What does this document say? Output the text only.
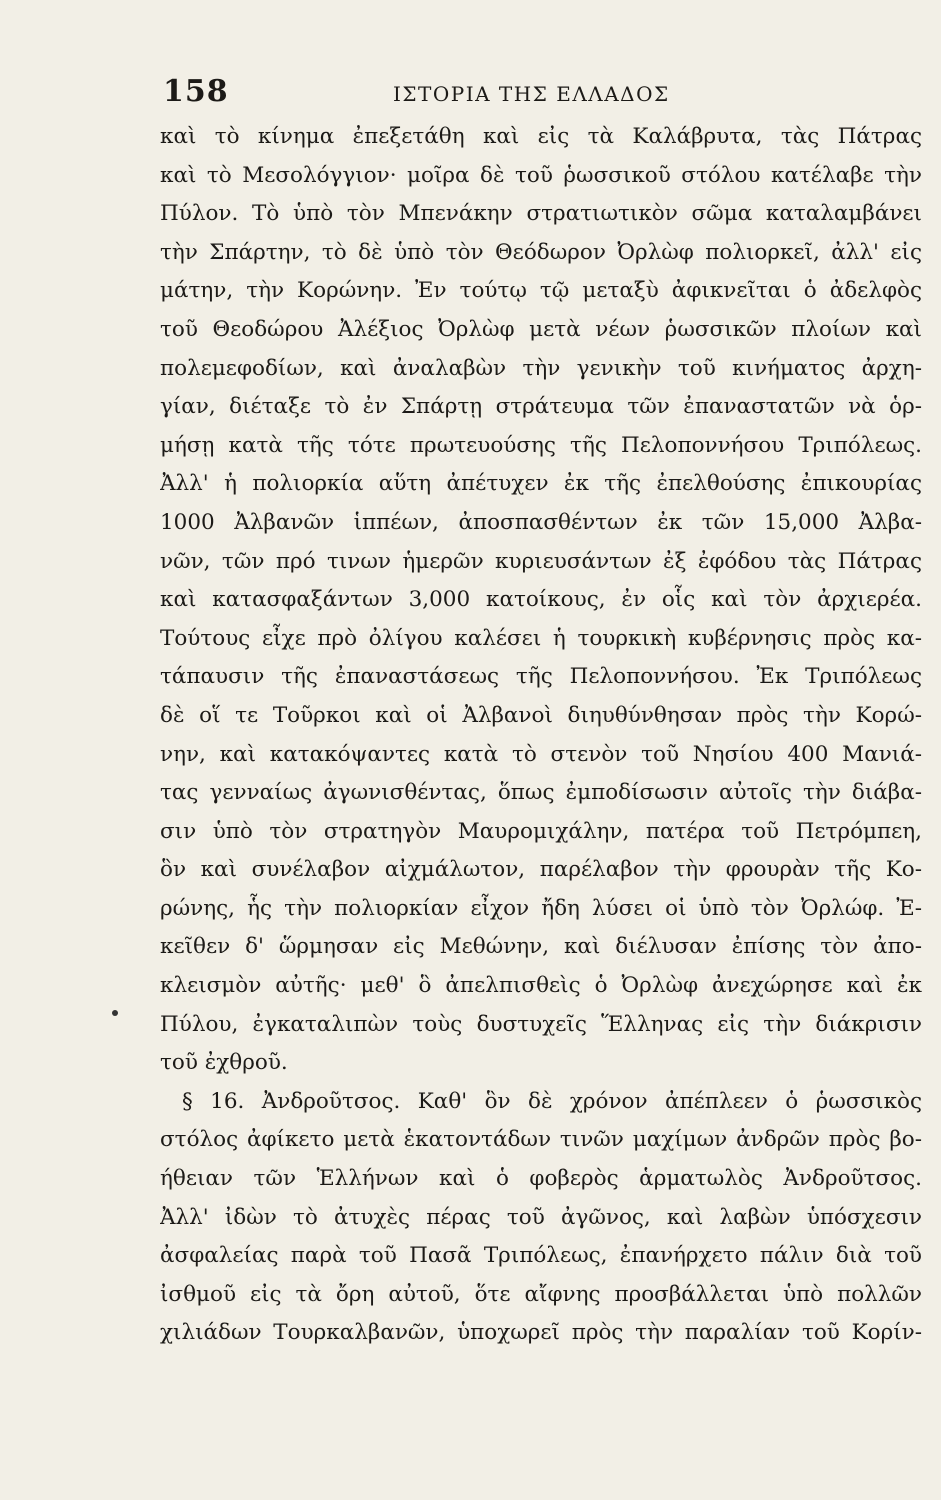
158	ΙΣΤΟΡΙΑ ΤΗΣ ΕΛΛΑΔΟΣ
καὶ τὸ κίνημα ἐπεξετάθη καὶ εἰς τὰ Καλάβρυτα, τὰς Πάτρας
καὶ τὸ Μεσολόγγιον· μοῖρα δὲ τοῦ ῥωσσικοῦ στόλου κατέλαβε τὴν
Πύλον. Τὸ ὑπὸ τὸν Μπενάκην στρατιωτικὸν σῶμα καταλαμβάνει
τὴν Σπάρτην, τὸ δὲ ὑπὸ τὸν Θεόδωρον Ὀρλὼφ πολιορκεῖ, ἀλλ' εἰς
μάτην, τὴν Κορώνην. Ἐν τούτῳ τῷ μεταξὺ ἀφικνεῖται ὁ ἀδελφὸς
τοῦ Θεοδώρου Ἀλέξιος Ὀρλὼφ μετὰ νέων ῥωσσικῶν πλοίων καὶ
πολεμεφοδίων, καὶ ἀναλαβὼν τὴν γενικὴν τοῦ κινήματος ἀρχη-
γίαν, διέταξε τὸ ἐν Σπάρτῃ στράτευμα τῶν ἐπαναστατῶν νὰ ὁρ-
μήσῃ κατὰ τῆς τότε πρωτευούσης τῆς Πελοποννήσου Τριπόλεως.
Ἀλλ' ἡ πολιορκία αὕτη ἀπέτυχεν ἐκ τῆς ἐπελθούσης ἐπικουρίας
1000 Ἀλβανῶν ἱππέων, ἀποσπασθέντων ἐκ τῶν 15,000 Ἀλβα-
νῶν, τῶν πρό τινων ἡμερῶν κυριευσάντων ἐξ ἐφόδου τὰς Πάτρας
καὶ κατασφαξάντων 3,000 κατοίκους, ἐν οἷς καὶ τὸν ἀρχιερέα.
Τούτους εἶχε πρὸ ὀλίγου καλέσει ἡ τουρκικὴ κυβέρνησις πρὸς κα-
τάπαυσιν τῆς ἐπαναστάσεως τῆς Πελοποννήσου. Ἐκ Τριπόλεως
δὲ οἵ τε Τοῦρκοι καὶ οἱ Ἀλβανοὶ διηυθύνθησαν πρὸς τὴν Κορώ-
νην, καὶ κατακόψαντες κατὰ τὸ στενὸν τοῦ Νησίου 400 Μανιά-
τας γενναίως ἀγωνισθέντας, ὅπως ἐμποδίσωσιν αὐτοῖς τὴν διάβα-
σιν ὑπὸ τὸν στρατηγὸν Μαυρομιχάλην, πατέρα τοῦ Πετρόμπεη,
ὃν καὶ συνέλαβον αἰχμάλωτον, παρέλαβον τὴν φρουρὰν τῆς Κο-
ρώνης, ἧς τὴν πολιορκίαν εἶχον ἤδη λύσει οἱ ὑπὸ τὸν Ὀρλώφ. Ἐ-
κεῖθεν δ' ὥρμησαν εἰς Μεθώνην, καὶ διέλυσαν ἐπίσης τὸν ἀπο-
κλεισμὸν αὐτῆς· μεθ' ὃ ἀπελπισθεὶς ὁ Ὀρλὼφ ἀνεχώρησε καὶ ἐκ
Πύλου, ἐγκαταλιπὼν τοὺς δυστυχεῖς Ἕλληνας εἰς τὴν διάκρισιν
τοῦ ἐχθροῦ.
§ 16. Ἀνδροῦτσος. Καθ' ὃν δὲ χρόνον ἀπέπλεεν ὁ ῥωσσικὸς
στόλος ἀφίκετο μετὰ ἑκατοντάδων τινῶν μαχίμων ἀνδρῶν πρὸς βο-
ήθειαν τῶν Ἑλλήνων καὶ ὁ φοβερὸς ἁρματωλὸς Ἀνδροῦτσος.
Ἀλλ' ἰδὼν τὸ ἀτυχὲς πέρας τοῦ ἀγῶνος, καὶ λαβὼν ὑπόσχεσιν
ἀσφαλείας παρὰ τοῦ Πασᾶ Τριπόλεως, ἐπανήρχετο πάλιν διὰ τοῦ
ἰσθμοῦ εἰς τὰ ὄρη αὐτοῦ, ὅτε αἴφνης προσβάλλεται ὑπὸ πολλῶν
χιλιάδων Τουρκαλβανῶν, ὑποχωρεῖ πρὸς τὴν παραλίαν τοῦ Κορίν-
